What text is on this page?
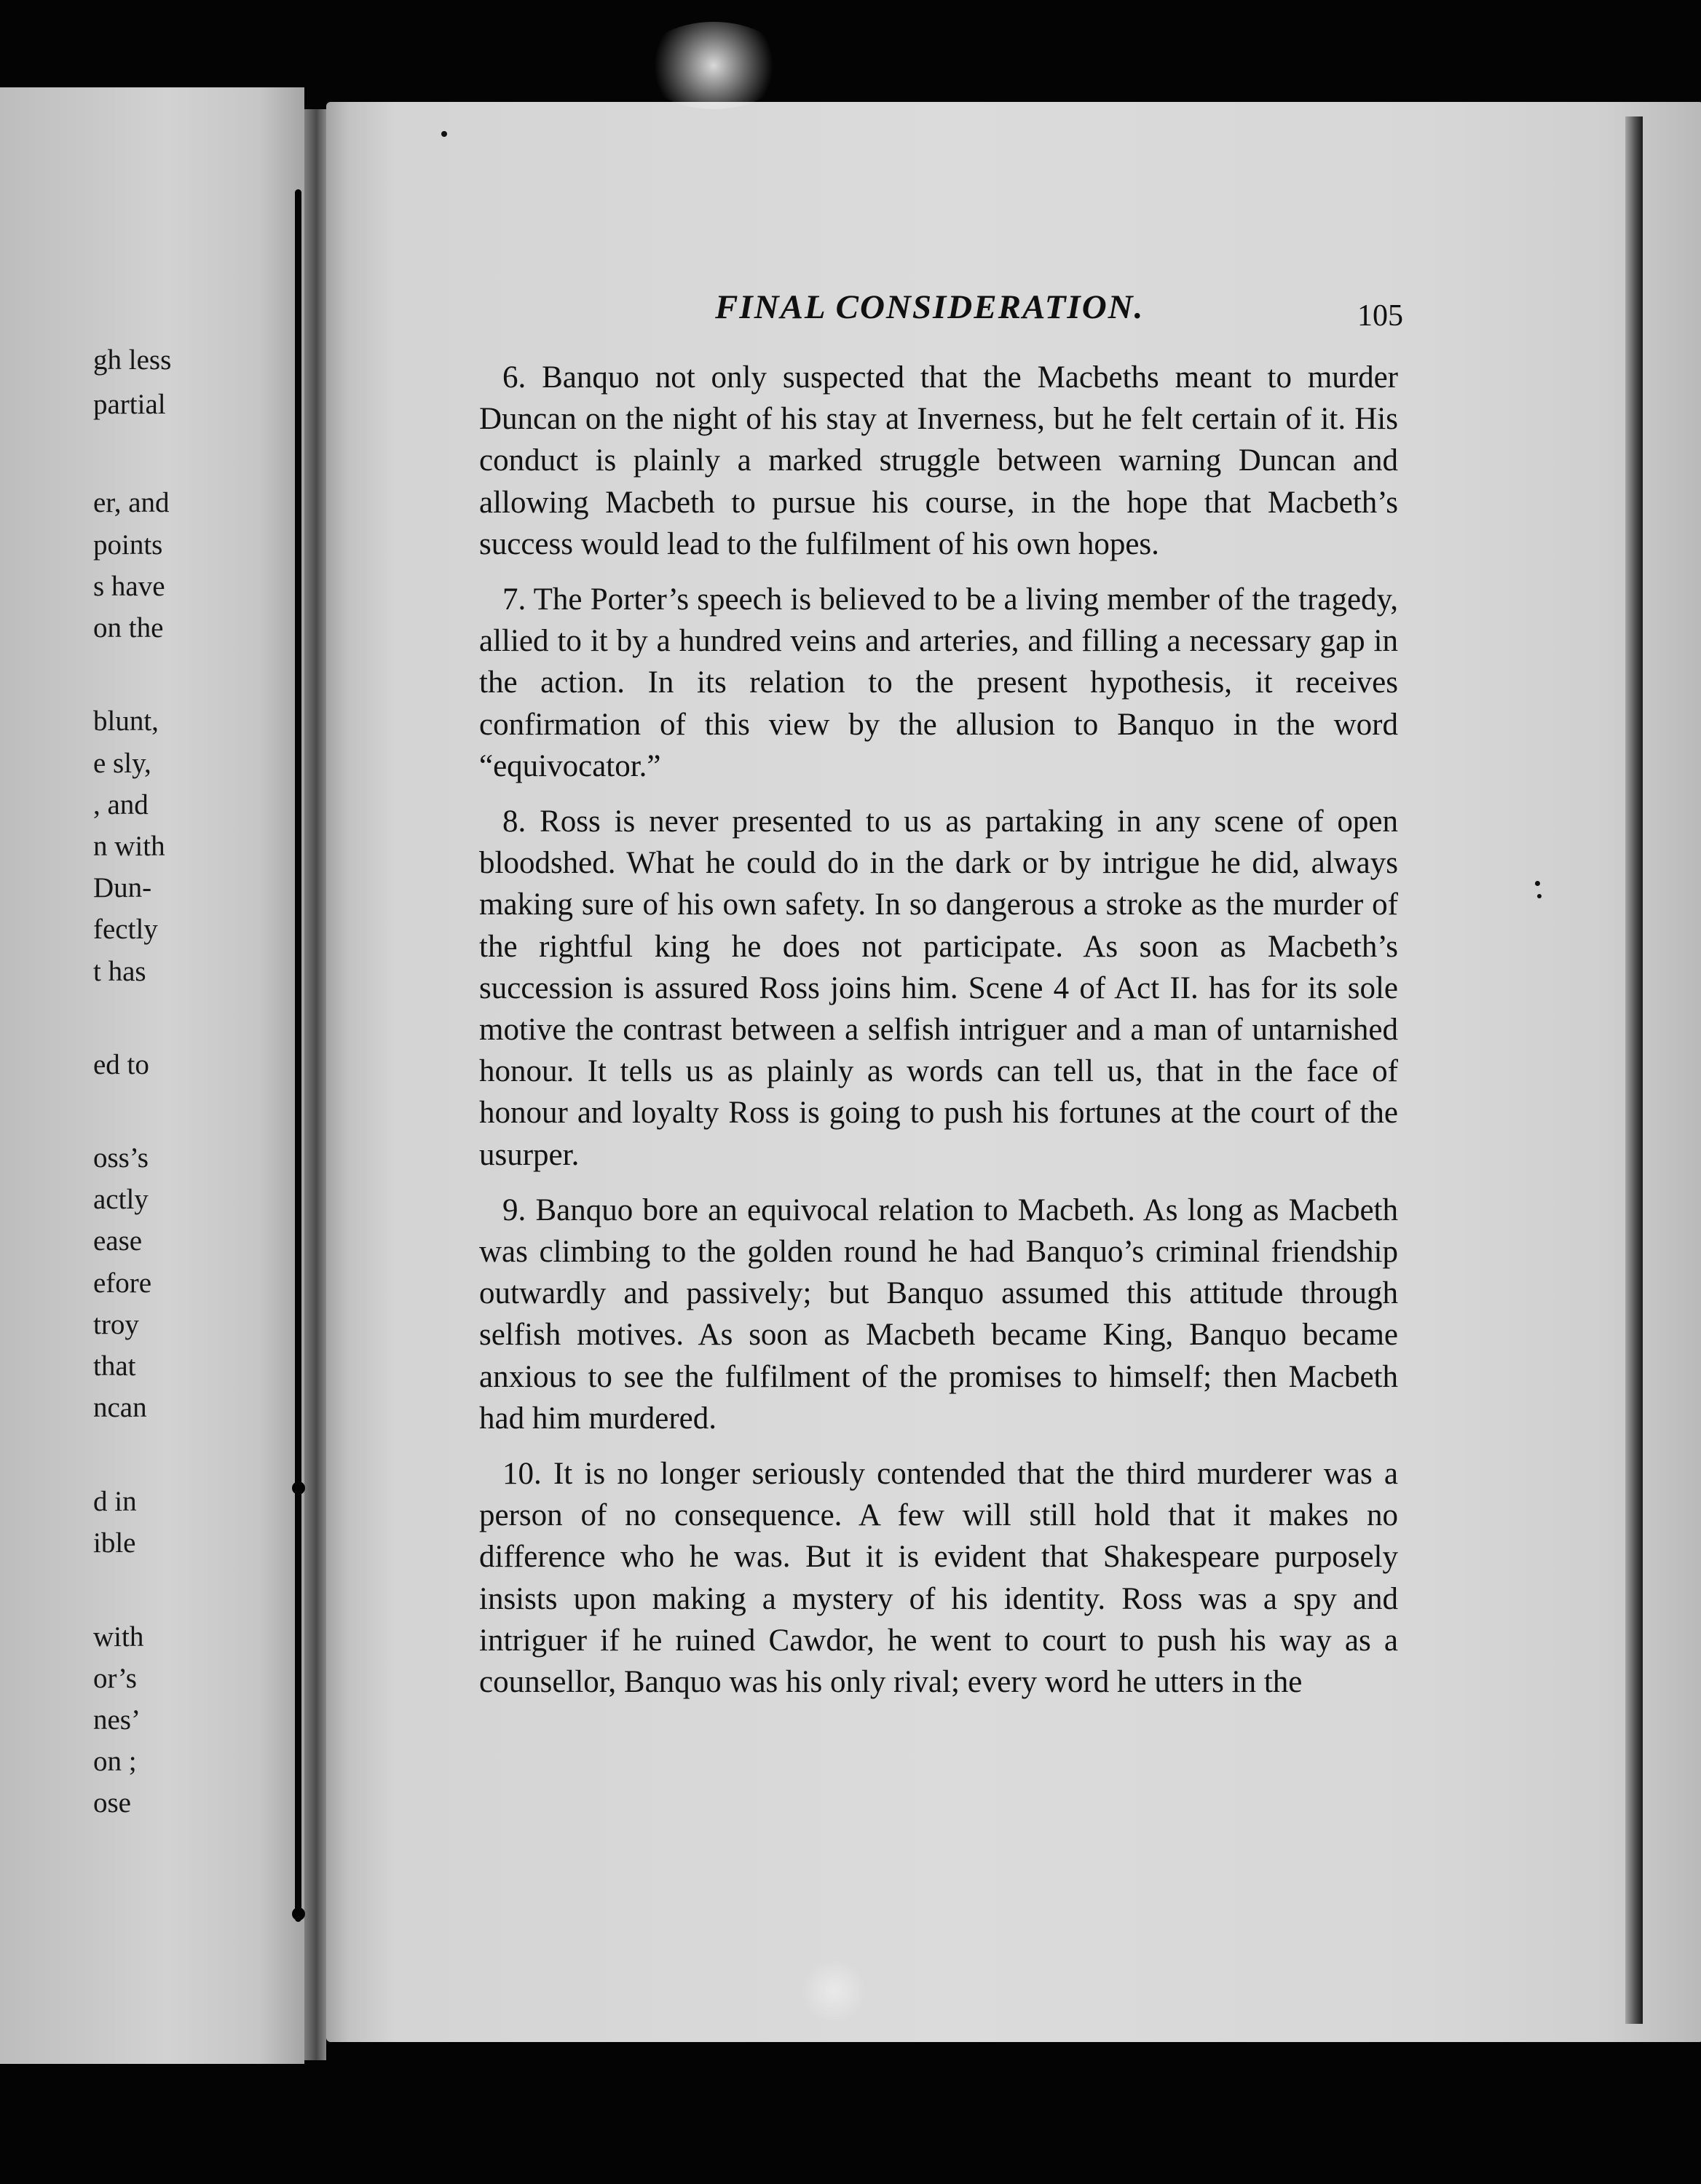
gh less
partial
er, and
points
s have
on the
blunt,
e sly,
, and
n with
Dun-
fectly
t has
ed to
oss’s
actly
ease
efore
troy
that
ncan
d in
ible
with
or’s
nes’
on ;
ose
FINAL CONSIDERATION.	105

6. Banquo not only suspected that the Macbeths meant to murder Duncan on the night of his stay at Inverness, but he felt certain of it. His conduct is plainly a marked struggle between warning Duncan and allowing Macbeth to pursue his course, in the hope that Macbeth’s success would lead to the fulfilment of his own hopes.

7. The Porter’s speech is believed to be a living member of the tragedy, allied to it by a hundred veins and arteries, and filling a necessary gap in the action. In its relation to the present hypothesis, it receives confirmation of this view by the allusion to Banquo in the word “equivocator.”

8. Ross is never presented to us as partaking in any scene of open bloodshed. What he could do in the dark or by intrigue he did, always making sure of his own safety. In so dangerous a stroke as the murder of the rightful king he does not participate. As soon as Macbeth’s succession is assured Ross joins him. Scene 4 of Act II. has for its sole motive the contrast between a selfish intriguer and a man of untarnished honour. It tells us as plainly as words can tell us, that in the face of honour and loyalty Ross is going to push his fortunes at the court of the usurper.

9. Banquo bore an equivocal relation to Macbeth. As long as Macbeth was climbing to the golden round he had Banquo’s criminal friendship outwardly and passively; but Banquo assumed this attitude through selfish motives. As soon as Macbeth became King, Banquo became anxious to see the fulfilment of the promises to himself; then Macbeth had him murdered.

10. It is no longer seriously contended that the third murderer was a person of no consequence. A few will still hold that it makes no difference who he was. But it is evident that Shakespeare purposely insists upon making a mystery of his identity. Ross was a spy and intriguer if he ruined Cawdor, he went to court to push his way as a counsellor, Banquo was his only rival; every word he utters in the
